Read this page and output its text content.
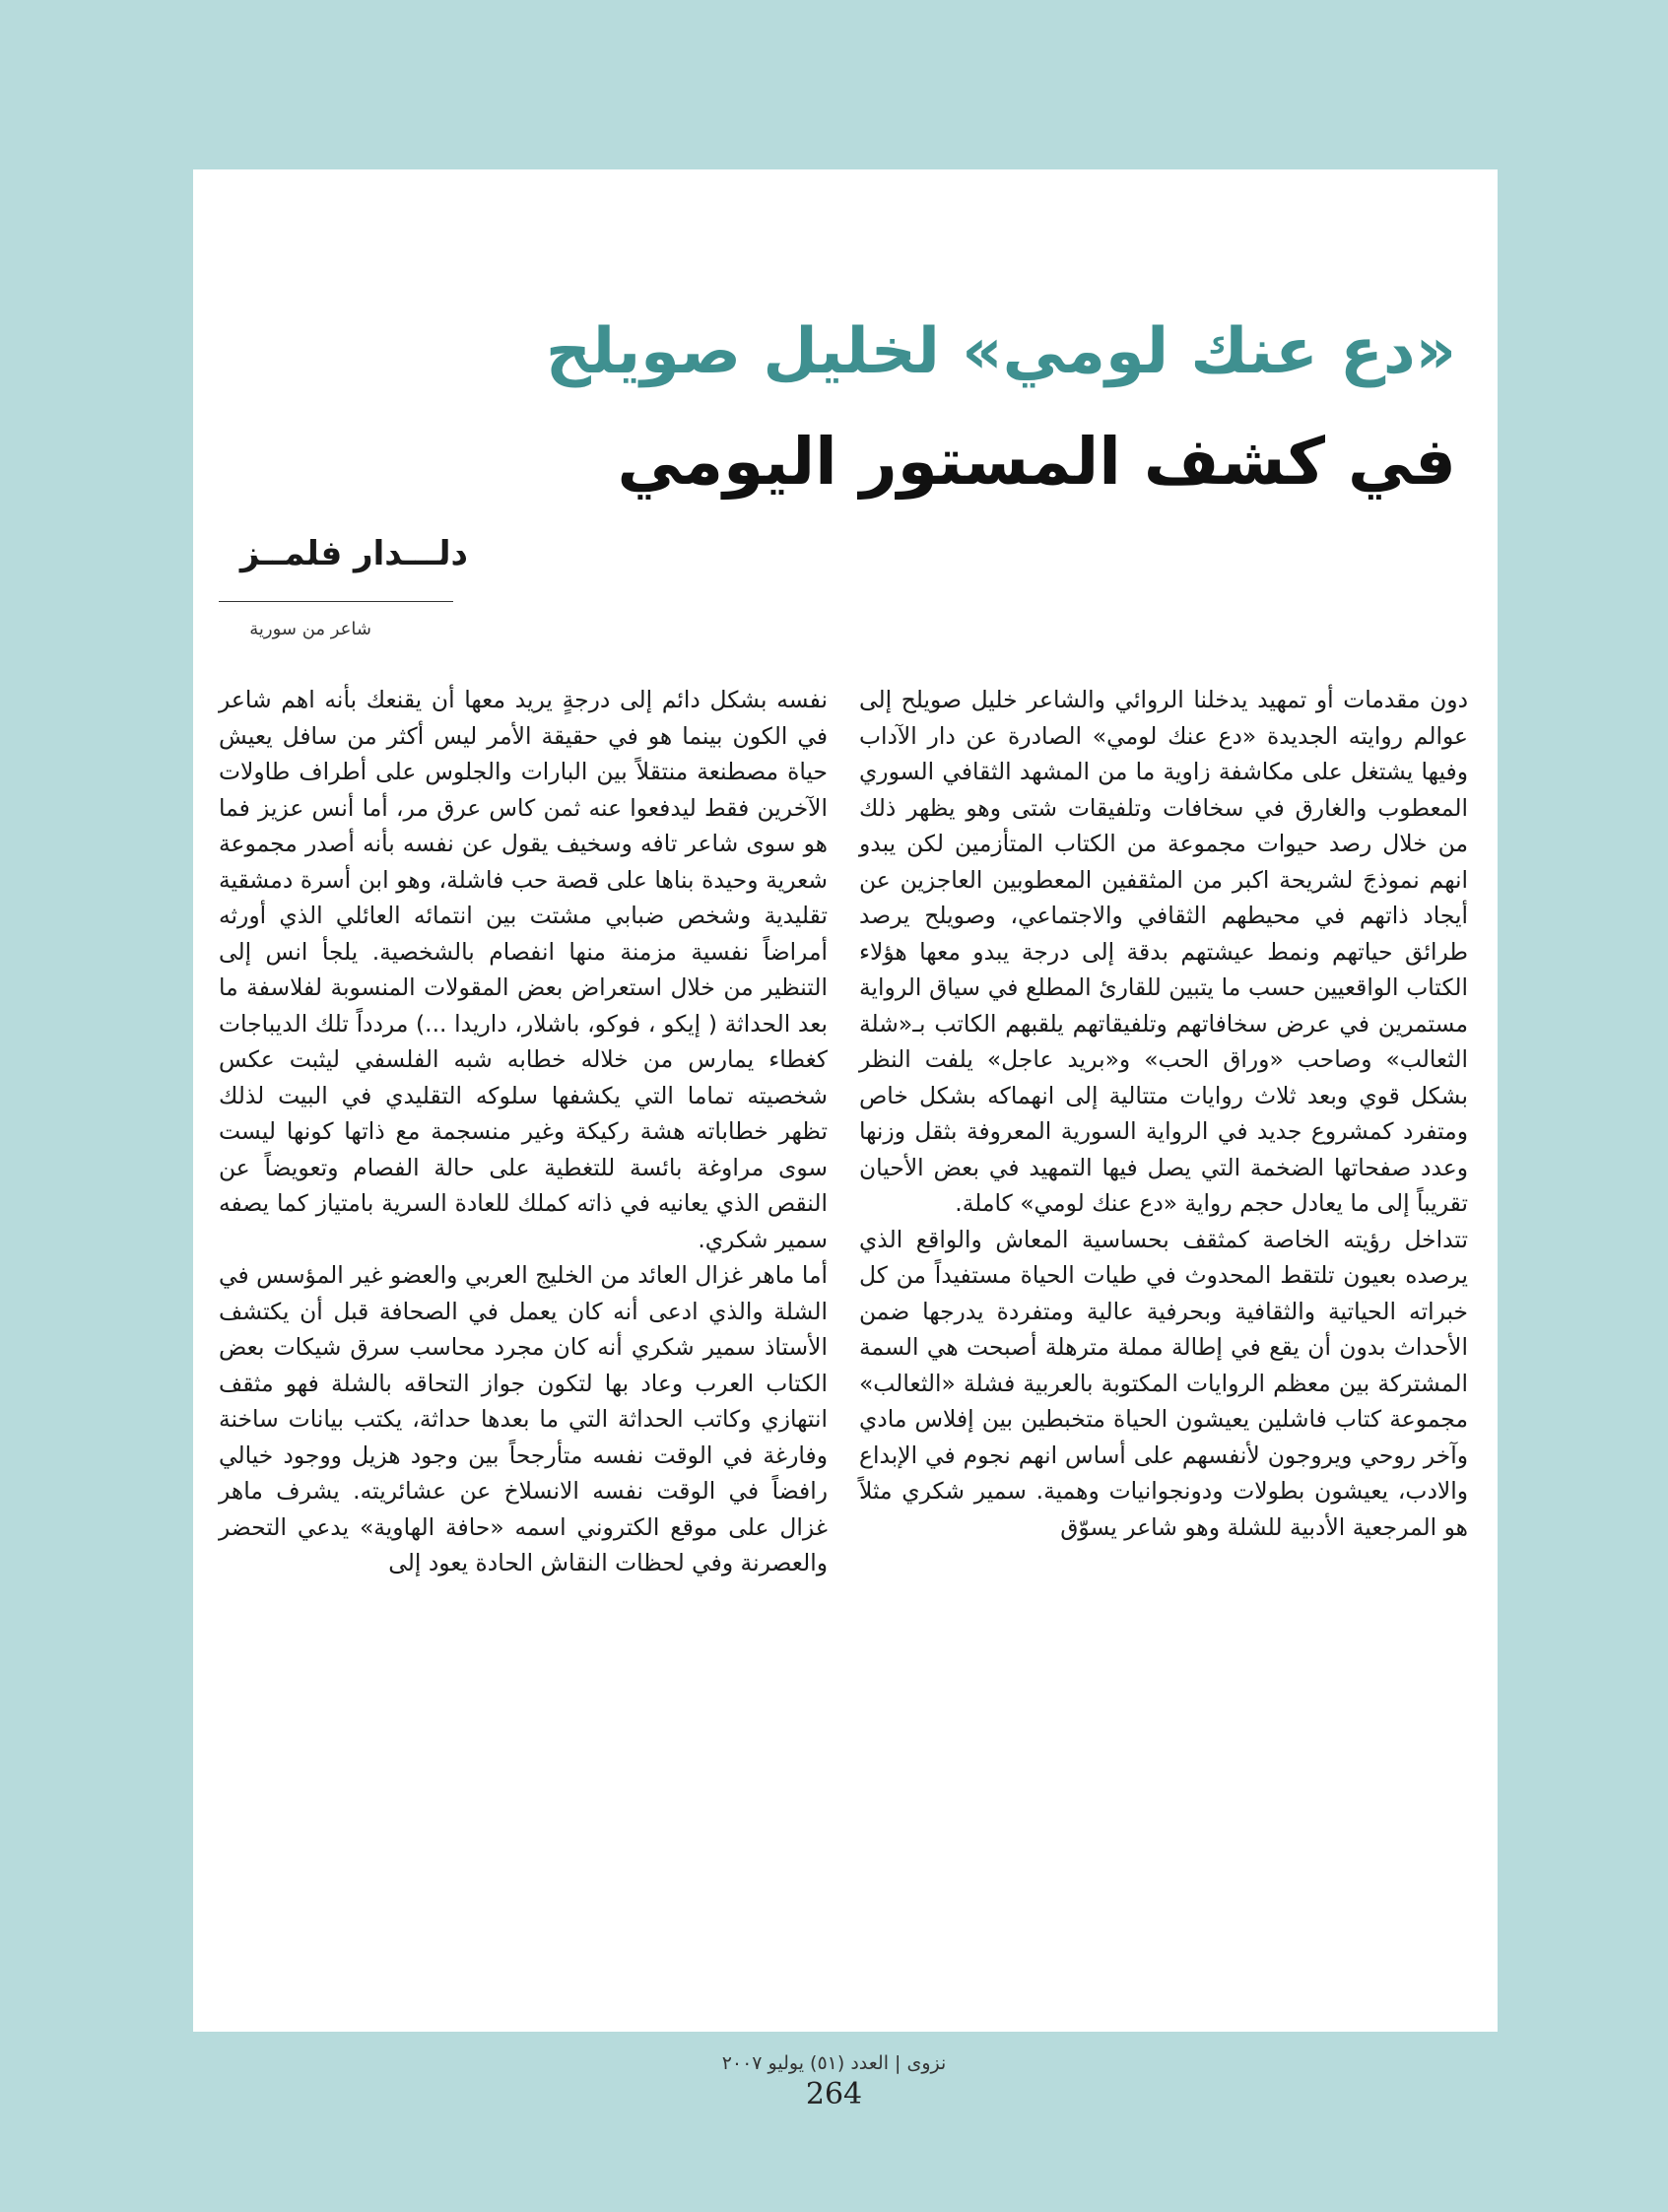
«دع عنك لومي» لخليل صويلح
في كشف المستور اليومي
دلـــدار فلمــز
شاعر من سورية

دون مقدمات أو تمهيد يدخلنا الروائي والشاعر خليل صويلح إلى عوالم روايته الجديدة «دع عنك لومي» الصادرة عن دار الآداب وفيها يشتغل على مكاشفة زاوية ما من المشهد الثقافي السوري المعطوب والغارق في سخافات وتلفيقات شتى وهو يظهر ذلك من خلال رصد حيوات مجموعة من الكتاب المتأزمين لكن يبدو انهم نموذجَ لشريحة اكبر من المثقفين المعطوبين العاجزين عن أيجاد ذاتهم في محيطهم الثقافي والاجتماعي، وصويلح يرصد طرائق حياتهم ونمط عيشتهم بدقة إلى درجة يبدو معها هؤلاء الكتاب الواقعيين حسب ما يتبين للقارئ المطلع في سياق الرواية مستمرين في عرض سخافاتهم وتلفيقاتهم يلقبهم الكاتب بـ«شلة الثعالب» وصاحب «وراق الحب» و«بريد عاجل» يلفت النظر بشكل قوي وبعد ثلاث روايات متتالية إلى انهماكه بشكل خاص ومتفرد كمشروع جديد في الرواية السورية المعروفة بثقل وزنها وعدد صفحاتها الضخمة التي يصل فيها التمهيد في بعض الأحيان تقريباً إلى ما يعادل حجم رواية «دع عنك لومي» كاملة.

تتداخل رؤيته الخاصة كمثقف بحساسية المعاش والواقع الذي يرصده بعيون تلتقط المحدوث في طيات الحياة مستفيداً من كل خبراته الحياتية والثقافية وبحرفية عالية ومتفردة يدرجها ضمن الأحداث بدون أن يقع في إطالة مملة مترهلة أصبحت هي السمة المشتركة بين معظم الروايات المكتوبة بالعربية فشلة «الثعالب» مجموعة كتاب فاشلين يعيشون الحياة متخبطين بين إفلاس مادي وآخر روحي ويروجون لأنفسهم على أساس انهم نجوم في الإبداع والادب، يعيشون بطولات ودونجوانيات وهمية. سمير شكري مثلاً هو المرجعية الأدبية للشلة وهو شاعر يسوّق

نفسه بشكل دائم إلى درجةٍ يريد معها أن يقنعك بأنه اهم شاعر في الكون بينما هو في حقيقة الأمر ليس أكثر من سافل يعيش حياة مصطنعة منتقلاً بين البارات والجلوس على أطراف طاولات الآخرين فقط ليدفعوا عنه ثمن كاس عرق مر، أما أنس عزيز فما هو سوى شاعر تافه وسخيف يقول عن نفسه بأنه أصدر مجموعة شعرية وحيدة بناها على قصة حب فاشلة، وهو ابن أسرة دمشقية تقليدية وشخص ضبابي مشتت بين انتمائه العائلي الذي أورثه أمراضاً نفسية مزمنة منها انفصام بالشخصية. يلجأ انس إلى التنظير من خلال استعراض بعض المقولات المنسوبة لفلاسفة ما بعد الحداثة ( إيكو ، فوكو، باشلار، داريدا ...) مردداً تلك الديباجات كغطاء يمارس من خلاله خطابه شبه الفلسفي ليثبت عكس شخصيته تماما التي يكشفها سلوكه التقليدي في البيت لذلك تظهر خطاباته هشة ركيكة وغير منسجمة مع ذاتها كونها ليست سوى مراوغة بائسة للتغطية على حالة الفصام وتعويضاً عن النقص الذي يعانيه في ذاته كملك للعادة السرية بامتياز كما يصفه سمير شكري.

أما ماهر غزال العائد من الخليج العربي والعضو غير المؤسس في الشلة والذي ادعى أنه كان يعمل في الصحافة قبل أن يكتشف الأستاذ سمير شكري أنه كان مجرد محاسب سرق شيكات بعض الكتاب العرب وعاد بها لتكون جواز التحاقه بالشلة فهو مثقف انتهازي وكاتب الحداثة التي ما بعدها حداثة، يكتب بيانات ساخنة وفارغة في الوقت نفسه متأرجحاً بين وجود هزيل ووجود خيالي رافضاً في الوقت نفسه الانسلاخ عن عشائريته. يشرف ماهر غزال على موقع الكتروني اسمه «حافة الهاوية» يدعي التحضر والعصرنة وفي لحظات النقاش الحادة يعود إلى

نزوى | العدد (٥١) يوليو ٢٠٠٧
264
